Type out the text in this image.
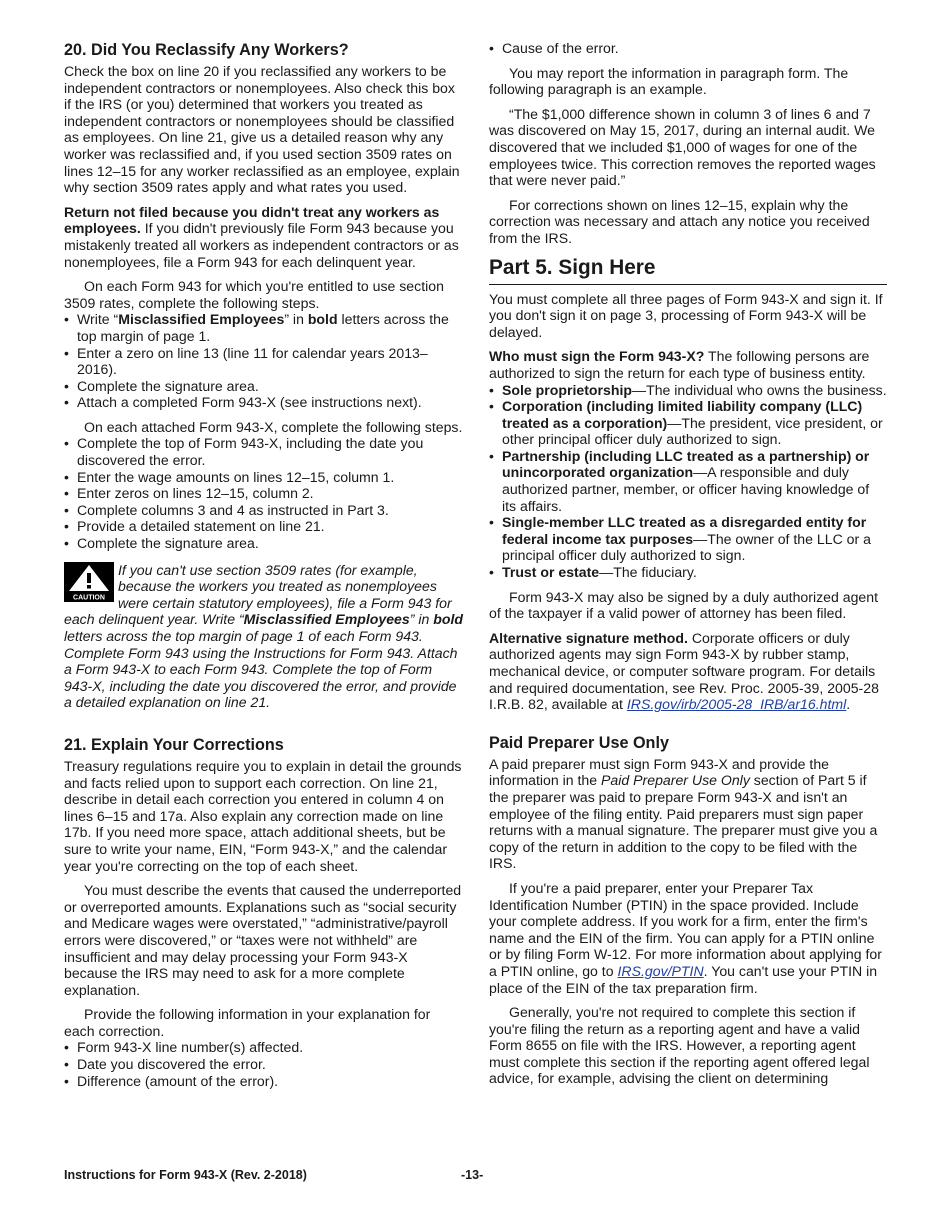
20. Did You Reclassify Any Workers?

Check the box on line 20 if you reclassified any workers to be independent contractors or nonemployees. Also check this box if the IRS (or you) determined that workers you treated as independent contractors or nonemployees should be classified as employees. On line 21, give us a detailed reason why any worker was reclassified and, if you used section 3509 rates on lines 12–15 for any worker reclassified as an employee, explain why section 3509 rates apply and what rates you used.

Return not filed because you didn't treat any workers as employees. If you didn't previously file Form 943 because you mistakenly treated all workers as independent contractors or as nonemployees, file a Form 943 for each delinquent year.

On each Form 943 for which you're entitled to use section 3509 rates, complete the following steps.

• Write “Misclassified Employees” in bold letters across the top margin of page 1.
• Enter a zero on line 13 (line 11 for calendar years 2013–2016).
• Complete the signature area.
• Attach a completed Form 943-X (see instructions next).

On each attached Form 943-X, complete the following steps.

• Complete the top of Form 943-X, including the date you discovered the error.
• Enter the wage amounts on lines 12–15, column 1.
• Enter zeros on lines 12–15, column 2.
• Complete columns 3 and 4 as instructed in Part 3.
• Provide a detailed statement on line 21.
• Complete the signature area.
CAUTION
If you can't use section 3509 rates (for example, because the workers you treated as nonemployees were certain statutory employees), file a Form 943 for each delinquent year. Write “Misclassified Employees” in bold letters across the top margin of page 1 of each Form 943. Complete Form 943 using the Instructions for Form 943. Attach a Form 943-X to each Form 943. Complete the top of Form 943-X, including the date you discovered the error, and provide a detailed explanation on line 21.
21. Explain Your Corrections

Treasury regulations require you to explain in detail the grounds and facts relied upon to support each correction. On line 21, describe in detail each correction you entered in column 4 on lines 6–15 and 17a. Also explain any correction made on line 17b. If you need more space, attach additional sheets, but be sure to write your name, EIN, “Form 943-X,” and the calendar year you're correcting on the top of each sheet.

You must describe the events that caused the underreported or overreported amounts. Explanations such as “social security and Medicare wages were overstated,” “administrative/payroll errors were discovered,” or “taxes were not withheld” are insufficient and may delay processing your Form 943-X because the IRS may need to ask for a more complete explanation.

Provide the following information in your explanation for each correction.

• Form 943-X line number(s) affected.
• Date you discovered the error.
• Difference (amount of the error).
• Cause of the error.

You may report the information in paragraph form. The following paragraph is an example.

“The $1,000 difference shown in column 3 of lines 6 and 7 was discovered on May 15, 2017, during an internal audit. We discovered that we included $1,000 of wages for one of the employees twice. This correction removes the reported wages that were never paid.”

For corrections shown on lines 12–15, explain why the correction was necessary and attach any notice you received from the IRS.

Part 5. Sign Here

You must complete all three pages of Form 943-X and sign it. If you don't sign it on page 3, processing of Form 943-X will be delayed.

Who must sign the Form 943-X? The following persons are authorized to sign the return for each type of business entity.

• Sole proprietorship—The individual who owns the business.
• Corporation (including limited liability company (LLC) treated as a corporation)—The president, vice president, or other principal officer duly authorized to sign.
• Partnership (including LLC treated as a partnership) or unincorporated organization—A responsible and duly authorized partner, member, or officer having knowledge of its affairs.
• Single-member LLC treated as a disregarded entity for federal income tax purposes—The owner of the LLC or a principal officer duly authorized to sign.
• Trust or estate—The fiduciary.

Form 943-X may also be signed by a duly authorized agent of the taxpayer if a valid power of attorney has been filed.

Alternative signature method. Corporate officers or duly authorized agents may sign Form 943-X by rubber stamp, mechanical device, or computer software program. For details and required documentation, see Rev. Proc. 2005-39, 2005-28 I.R.B. 82, available at IRS.gov/irb/2005-28_IRB/ar16.html.

Paid Preparer Use Only

A paid preparer must sign Form 943-X and provide the information in the Paid Preparer Use Only section of Part 5 if the preparer was paid to prepare Form 943-X and isn't an employee of the filing entity. Paid preparers must sign paper returns with a manual signature. The preparer must give you a copy of the return in addition to the copy to be filed with the IRS.

If you're a paid preparer, enter your Preparer Tax Identification Number (PTIN) in the space provided. Include your complete address. If you work for a firm, enter the firm's name and the EIN of the firm. You can apply for a PTIN online or by filing Form W-12. For more information about applying for a PTIN online, go to IRS.gov/PTIN. You can't use your PTIN in place of the EIN of the tax preparation firm.

Generally, you're not required to complete this section if you're filing the return as a reporting agent and have a valid Form 8655 on file with the IRS. However, a reporting agent must complete this section if the reporting agent offered legal advice, for example, advising the client on determining

Instructions for Form 943-X (Rev. 2-2018)	-13-
